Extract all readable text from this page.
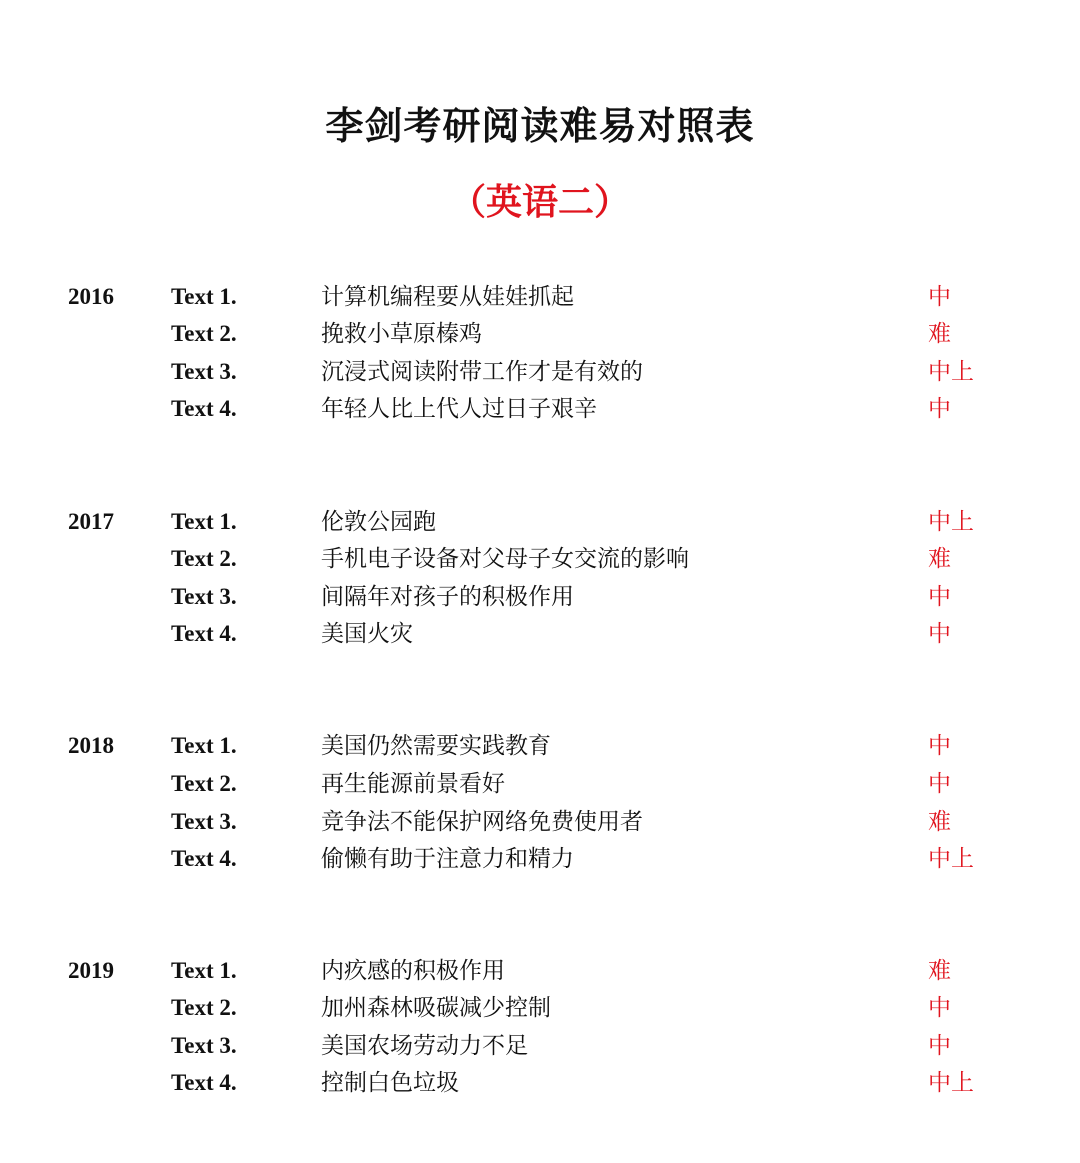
李剑考研阅读难易对照表
（英语二）
2016 Text 1.	计算机编程要从娃娃抓起	中
Text 2.	挽救小草原榛鸡	难
Text 3.	沉浸式阅读附带工作才是有效的	中上
Text 4.	年轻人比上代人过日子艰辛	中
2017 Text 1.	伦敦公园跑	中上
Text 2.	手机电子设备对父母子女交流的影响	难
Text 3.	间隔年对孩子的积极作用	中
Text 4.	美国火灾	中
2018 Text 1.	美国仍然需要实践教育	中
Text 2.	再生能源前景看好	中
Text 3.	竞争法不能保护网络免费使用者	难
Text 4.	偷懒有助于注意力和精力	中上
2019 Text 1.	内疚感的积极作用	难
Text 2.	加州森林吸碳减少控制	中
Text 3.	美国农场劳动力不足	中
Text 4.	控制白色垃圾	中上
